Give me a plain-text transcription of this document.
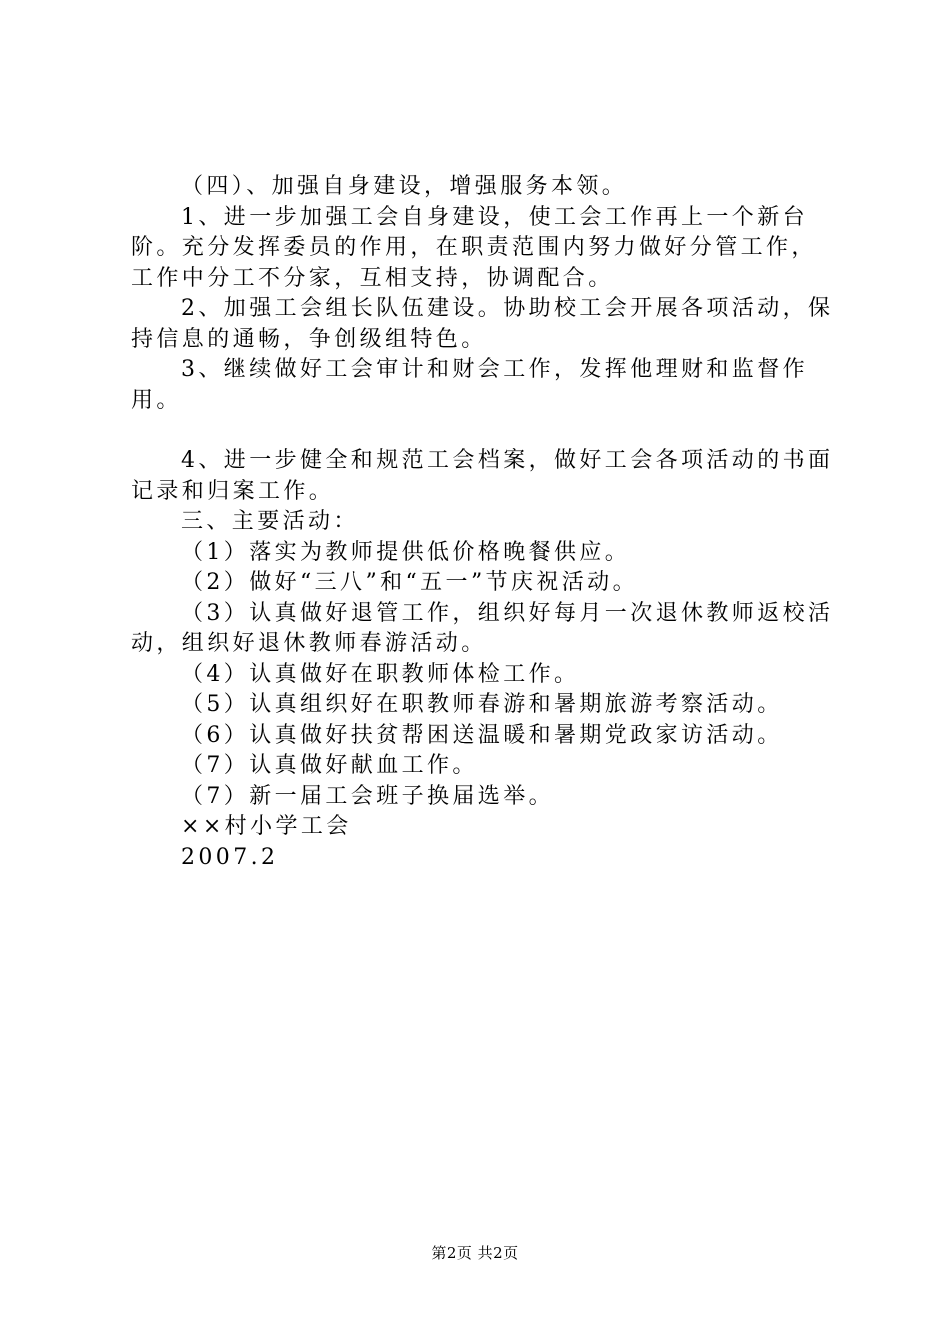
（四）、加强自身建设，增强服务本领。

1、进一步加强工会自身建设，使工会工作再上一个新台阶。充分发挥委员的作用，在职责范围内努力做好分管工作，工作中分工不分家，互相支持，协调配合。

2、加强工会组长队伍建设。协助校工会开展各项活动，保持信息的通畅，争创级组特色。

3、继续做好工会审计和财会工作，发挥他理财和监督作用。

4、进一步健全和规范工会档案，做好工会各项活动的书面记录和归案工作。

三、主要活动：

（1）落实为教师提供低价格晚餐供应。

（2）做好“三八”和“五一”节庆祝活动。

（3）认真做好退管工作，组织好每月一次退休教师返校活动，组织好退休教师春游活动。

（4）认真做好在职教师体检工作。

（5）认真组织好在职教师春游和暑期旅游考察活动。

（6）认真做好扶贫帮困送温暖和暑期党政家访活动。

（7）认真做好献血工作。

（7）新一届工会班子换届选举。

××村小学工会

2007.2

第2页 共2页
